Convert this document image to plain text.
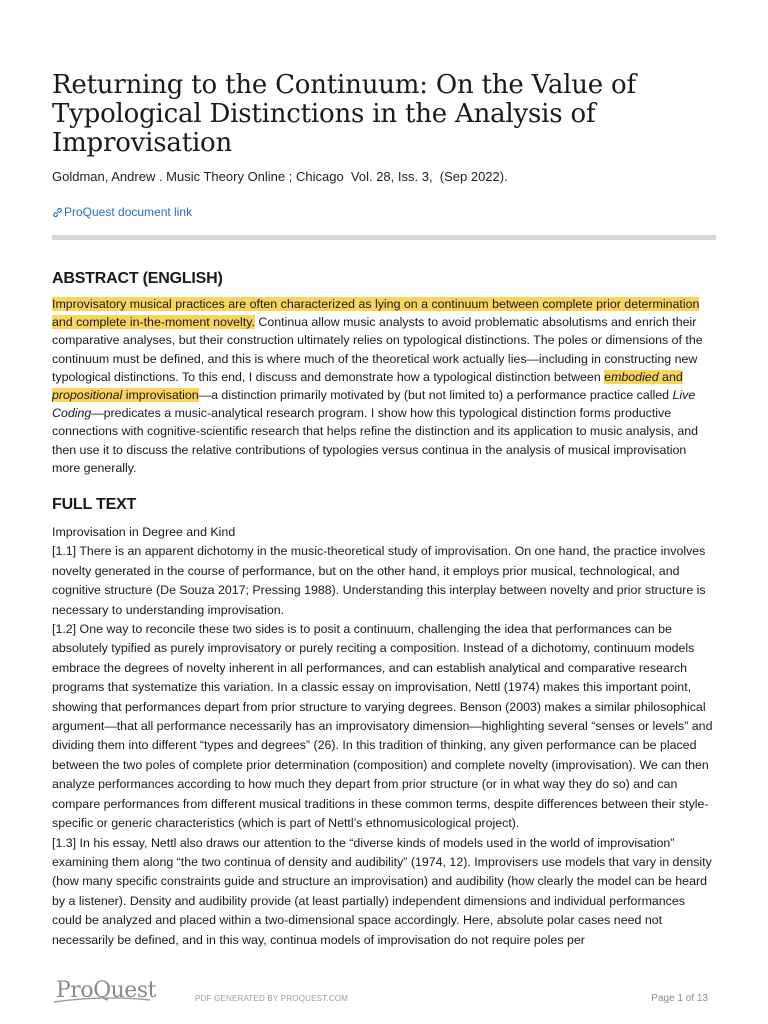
Returning to the Continuum: On the Value of Typological Distinctions in the Analysis of Improvisation
Goldman, Andrew . Music Theory Online ; Chicago  Vol. 28, Iss. 3,  (Sep 2022).
ProQuest document link
ABSTRACT (ENGLISH)

Improvisatory musical practices are often characterized as lying on a continuum between complete prior determination and complete in-the-moment novelty. Continua allow music analysts to avoid problematic absolutisms and enrich their comparative analyses, but their construction ultimately relies on typological distinctions. The poles or dimensions of the continuum must be defined, and this is where much of the theoretical work actually lies—including in constructing new typological distinctions. To this end, I discuss and demonstrate how a typological distinction between embodied and propositional improvisation—a distinction primarily motivated by (but not limited to) a performance practice called Live Coding—predicates a music-analytical research program. I show how this typological distinction forms productive connections with cognitive-scientific research that helps refine the distinction and its application to music analysis, and then use it to discuss the relative contributions of typologies versus continua in the analysis of musical improvisation more generally.

FULL TEXT

Improvisation in Degree and Kind

[1.1] There is an apparent dichotomy in the music-theoretical study of improvisation. On one hand, the practice involves novelty generated in the course of performance, but on the other hand, it employs prior musical, technological, and cognitive structure (De Souza 2017; Pressing 1988). Understanding this interplay between novelty and prior structure is necessary to understanding improvisation.

[1.2] One way to reconcile these two sides is to posit a continuum, challenging the idea that performances can be absolutely typified as purely improvisatory or purely reciting a composition. Instead of a dichotomy, continuum models embrace the degrees of novelty inherent in all performances, and can establish analytical and comparative research programs that systematize this variation. In a classic essay on improvisation, Nettl (1974) makes this important point, showing that performances depart from prior structure to varying degrees. Benson (2003) makes a similar philosophical argument—that all performance necessarily has an improvisatory dimension—highlighting several “senses or levels” and dividing them into different “types and degrees” (26). In this tradition of thinking, any given performance can be placed between the two poles of complete prior determination (composition) and complete novelty (improvisation). We can then analyze performances according to how much they depart from prior structure (or in what way they do so) and can compare performances from different musical traditions in these common terms, despite differences between their style-specific or generic characteristics (which is part of Nettl’s ethnomusicological project).

[1.3] In his essay, Nettl also draws our attention to the “diverse kinds of models used in the world of improvisation” examining them along “the two continua of density and audibility” (1974, 12). Improvisers use models that vary in density (how many specific constraints guide and structure an improvisation) and audibility (how clearly the model can be heard by a listener). Density and audibility provide (at least partially) independent dimensions and individual performances could be analyzed and placed within a two-dimensional space accordingly. Here, absolute polar cases need not necessarily be defined, and in this way, continua models of improvisation do not require poles per

ProQuest	PDF GENERATED BY PROQUEST.COM	Page 1 of 13
